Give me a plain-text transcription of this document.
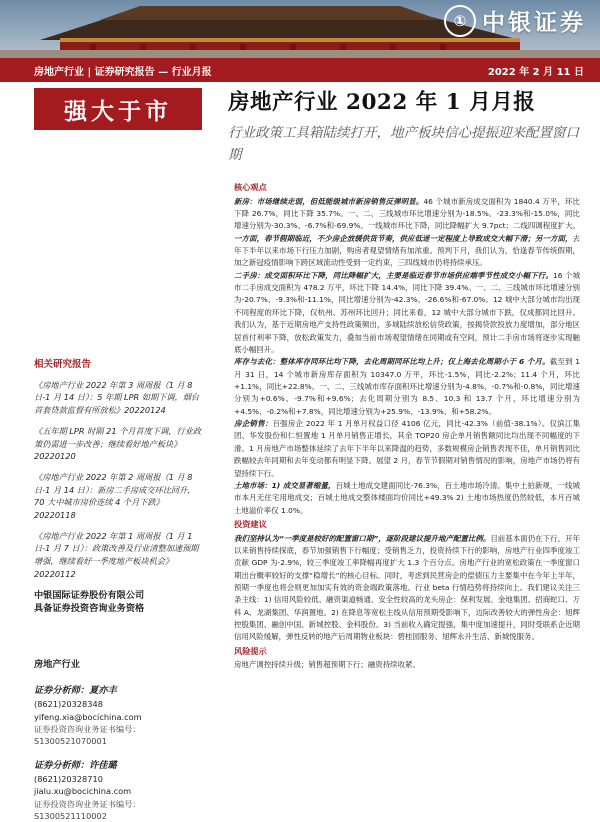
① 中银证券
房地产行业 | 证券研究报告 — 行业月报	2022 年 2 月 11 日
强大于市	房地产行业 2022 年 1 月月报
行业政策工具箱陆续打开，地产板块信心提振迎来配置窗口期
核心观点

新房：市场继续走弱，但低能级城市新房销售反弹明显。46 个城市新房成交面积为 1840.4 万平，环比下降 26.7%，同比下降 35.7%。一、二、三线城市环比增速分别为-18.5%、-23.3%和-15.0%，同比增速分别为-30.3%、-6.7%和-69.9%。一线城市环比下降，同比降幅扩大 9.7pct；二线四调程度扩大。一方面，春节假期临近，不少房企放缓供货节奏，供应低迷一定程度上导致成交大幅下滑；另一方面，去年下半年以来市场下行压力加剧，购房者观望情绪有加浓重。预判下月，我们认为，恰逢春节传统假期，加之新冠疫情影响下跨区域流动性受到一定约束，三四线城市仍将持续承压。

二手房：成交面积环比下降，同比降幅扩大，主要是临近春节市场供应端季节性成交小幅下行。16 个城市二手房成交面积为 478.2 万平，环比下降 14.4%，同比下降 39.4%。一、二、三线城市环比增速分别为-20.7%、-9.3%和-11.1%，同比增速分别为-42.3%、-26.6%和-67.0%。12 城中大部分城市均出现不同程度的环比下降，仅杭州、苏州环比回升；同比来看，12 城中大部分城市下跌，仅成都同比回升。我们认为，基于近期房地产支持性政策频出，多城陆续放松信贷政策，按揭贷款投放力度增加，部分地区居首付利率下降，放松政策发力，叠加当前市场观望情绪在同期或有空间，预计二手房市场将逐步实现触底小幅回升。

库存与去化：整体库存同环比均下降，去化周期同环比均上升；仅上海去化周期小于 6 个月。截至到 1 月 31 日，14 个城市新房库存面积为 10347.0 万平，环比-1.5%，同比-2.2%；11.4 个月，环比+1.1%，同比+22.8%。一、二、三线城市库存面积环比增速分别为-4.8%、-0.7%和-0.8%，同比增速分别为+0.6%、-9.7%和+9.6%；去化周期分别为 8.5、10.3 和 13.7 个月，环比增速分别为+4.5%、-0.2%和+7.8%，同比增速分别为+25.9%、-13.9%、和+58.2%。

房企销售：百强房企 2022 年 1 月单月权益口径 4106 亿元，同比-42.3%（前值-38.1%）。仅滨江集团、华发股份和仁恒置地 1 月单月销售正增长，其余 TOP20 房企单月销售额同比均出现不同幅度的下滑。1 月房地产市场整体延续了去年下半年以来降温的趋势，多数规模房企销售表现不佳，单月销售同比跌幅较去年同期和去年变动都有明显下降。展望 2 月，春节节假期对销售情况的影响，房地产市场仍将有望持续下行。

土地市场：1) 成交显著缩量，百城土地成交建面同比-76.3%，百土地市场冷清。集中土拍新规，一线城市本月无住宅用地成交；百城土地成交整体楼面均价同比+49.3% 2) 土地市场热度仍然较低，本月百城土地溢价率仅 1.0%。

投资建议

我们坚持认为“一季度是较好的配置窗口期”，逐阶段建议提升地产配置比例。目前基本面仍在下行，开年以来销售持续探底，春节加强销售下行幅度；受销售乏力，投资持续下行的影响，房地产行业四季度竣工贡献 GDP 为-2.9%，较三季度竣工率降幅再度扩大 1.3 个百分点。房地产行业的宽松政策在一季度窗口期出台概率较好的支撑“稳增长”的核心目标。同时，考虑到民营房企的偿债压力主要集中在今年上半年，预期一季度也将会则更加加实有效的资金端政策落地。行业 beta 行情趋势将持续向上。我们建议关注三条主线：1) 信用风险较低、融资渠道畅通、安全性较高的龙头房企：保利发展、金地集团、招商蛇口、万科 A、龙湖集团、华润置地。2) 在降息等宽松主线从信用预期受影响下，边际改善较大的弹性房企：旭辉控股集团、融创中国、新城控股、金科股份。3) 当前收入确定提强，集中度加速提升，同时受联系企近期信用风险缓解，弹性反转的地产后周期物业板块：碧桂园服务、旭辉永升生活、新城悦服务。

风险提示

房地产调控持续升级；销售超预期下行；融资持续收紧。

相关研究报告
《房地产行业 2022 年第 3 周周报（1 月 8 日-1 月 14 日）：5 年期 LPR 如期下调，烟台首套贷款监督有所放松》20220124
《五年期 LPR 时隔 21 个月首度下调，行业政策仍需进一步改善；继续看好地产板块》20220120
《房地产行业 2022 年第 2 周周报（1 月 8 日-1 月 14 日）：新房二手房成交环比回升，70 大中城市房价连续 4 个月下跌》20220118
《房地产行业 2022 年第 1 周周报（1 月 1 日-1 月 7 日）：政策改善及行业清整加速预期增强，继续看好一季度地产板块机会》20220112
中银国际证券股份有限公司
具备证券投资咨询业务资格
房地产行业
证券分析师：夏亦丰
(8621)20328348
yifeng.xia@bocichina.com
证券投资咨询业务证书编号：S1300521070001
证券分析师：许佳璐
(8621)20328710
jialu.xu@bocichina.com
证券投资咨询业务证书编号：S1300521110002
